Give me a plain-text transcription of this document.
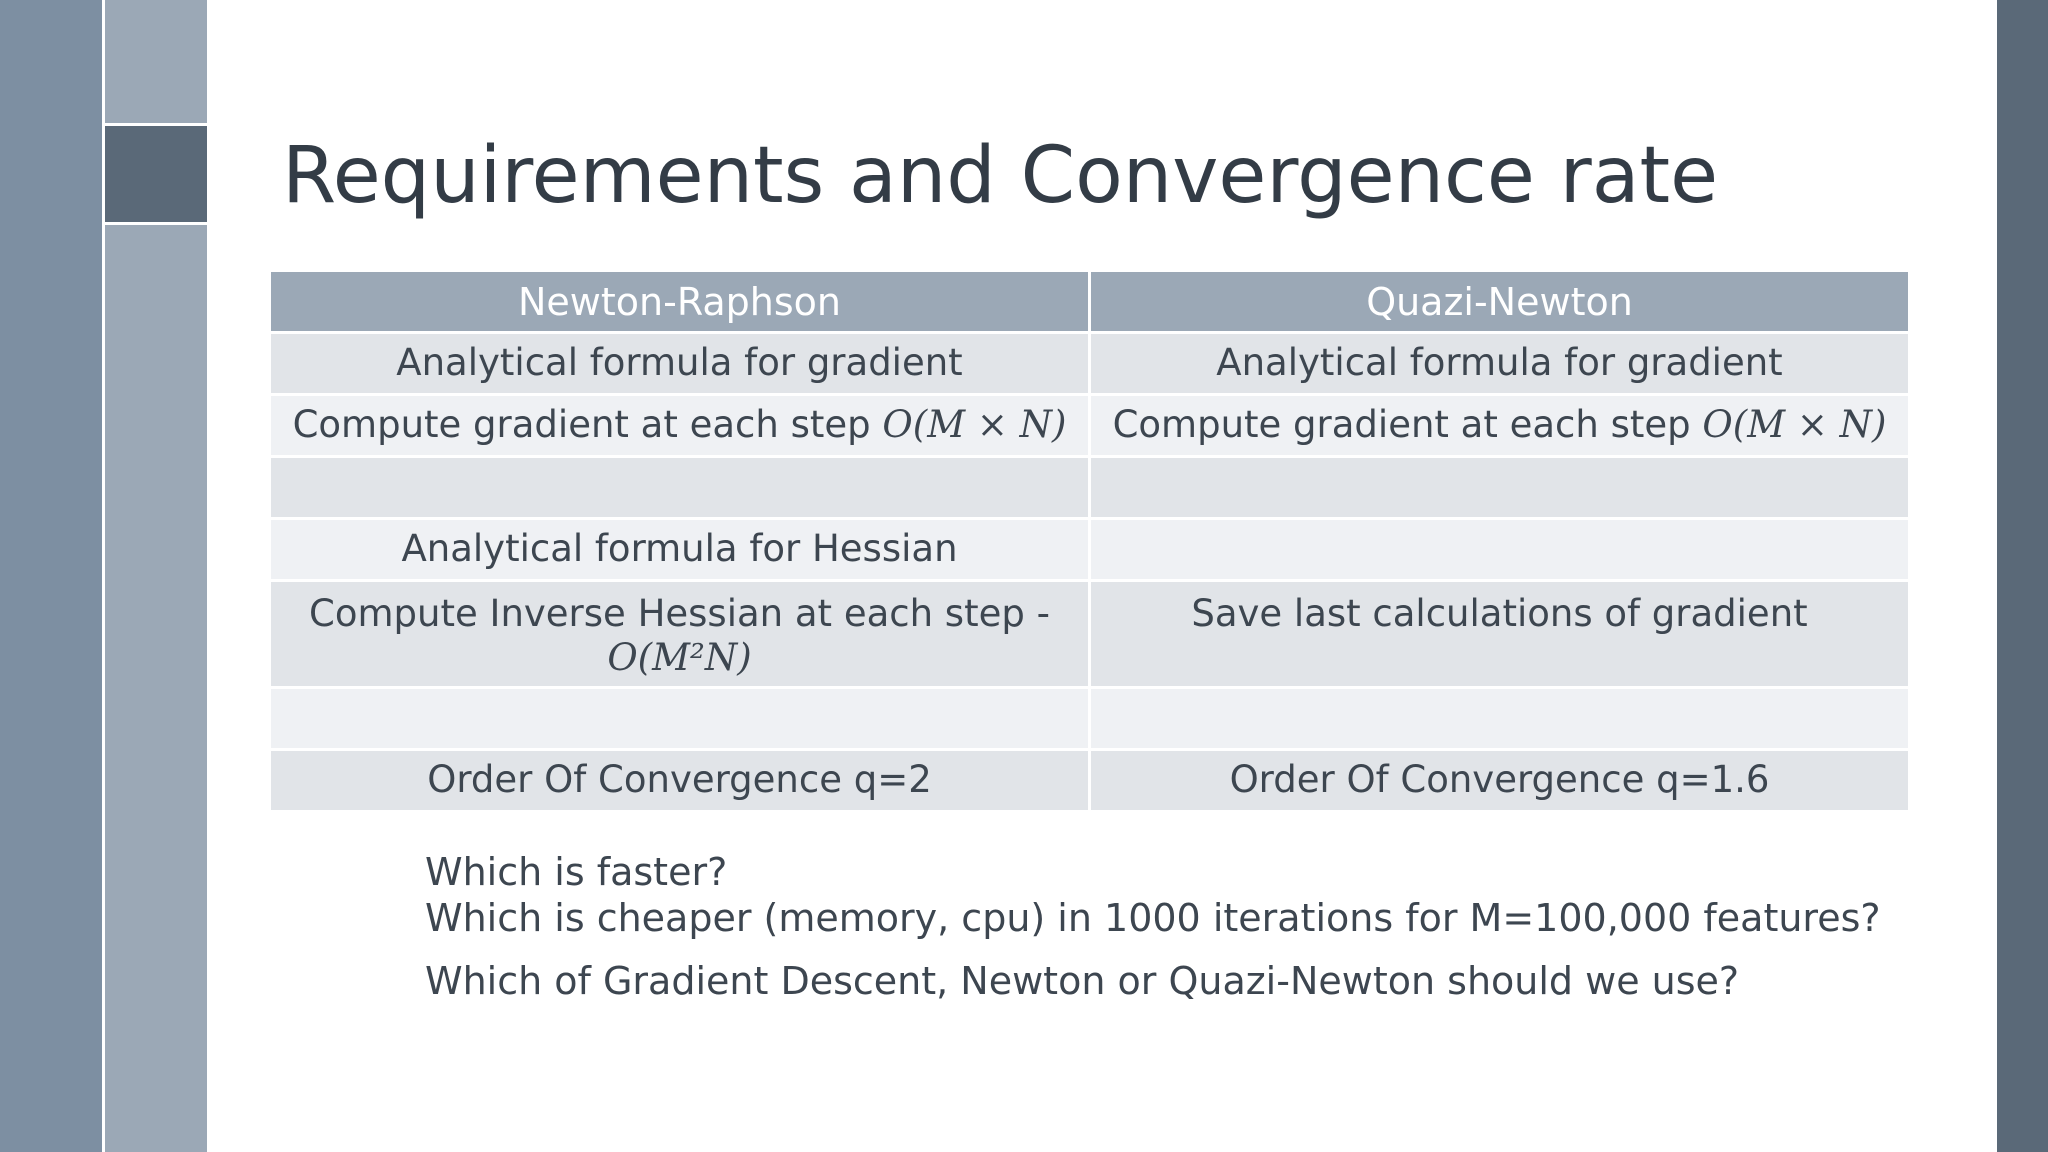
Requirements and Convergence rate
Newton-Raphson	Quazi-Newton
Analytical formula for gradient	Analytical formula for gradient
Compute gradient at each step O(M × N)	Compute gradient at each step O(M × N)

Analytical formula for Hessian	
Compute Inverse Hessian at each step -
O(M²N)	Save last calculations of gradient

Order Of Convergence q=2	Order Of Convergence q=1.6

Which is faster?

Which is cheaper (memory, cpu) in 1000 iterations for M=100,000 features?

Which of Gradient Descent, Newton or Quazi-Newton should we use?
